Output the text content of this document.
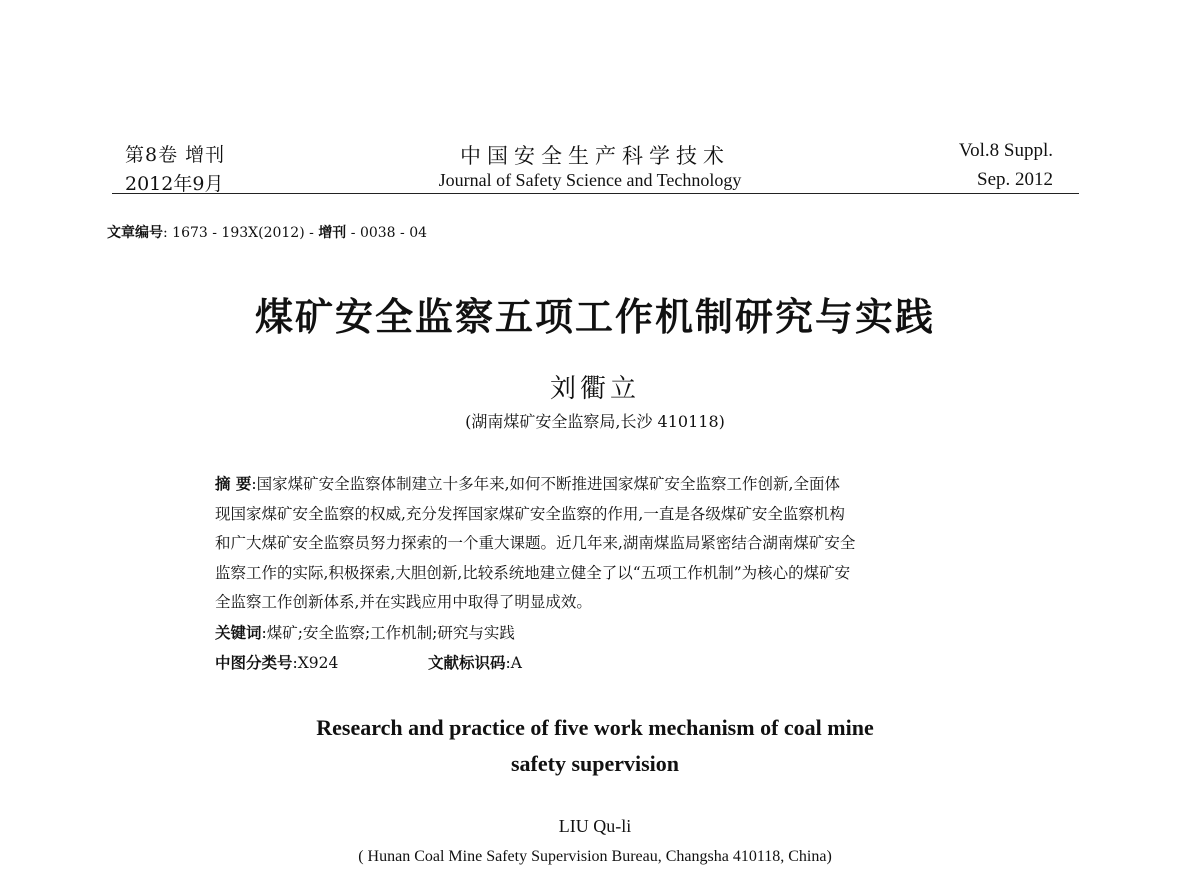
第8卷 增刊
2012年9月
中国安全生产科学技术
Journal of Safety Science and Technology
Vol.8 Suppl.
Sep. 2012
文章编号: 1673 - 193X(2012) - 增刊 - 0038 - 04
煤矿安全监察五项工作机制研究与实践
刘衢立
(湖南煤矿安全监察局,长沙 410118)
摘 要:国家煤矿安全监察体制建立十多年来,如何不断推进国家煤矿安全监察工作创新,全面体
现国家煤矿安全监察的权威,充分发挥国家煤矿安全监察的作用,一直是各级煤矿安全监察机构
和广大煤矿安全监察员努力探索的一个重大课题。近几年来,湖南煤监局紧密结合湖南煤矿安全
监察工作的实际,积极探索,大胆创新,比较系统地建立健全了以“五项工作机制”为核心的煤矿安
全监察工作创新体系,并在实践应用中取得了明显成效。
关键词:煤矿;安全监察;工作机制;研究与实践
中图分类号:X924	文献标识码:A
Research and practice of five work mechanism of coal mine
safety supervision
LIU Qu-li
( Hunan Coal Mine Safety Supervision Bureau, Changsha 410118, China)
